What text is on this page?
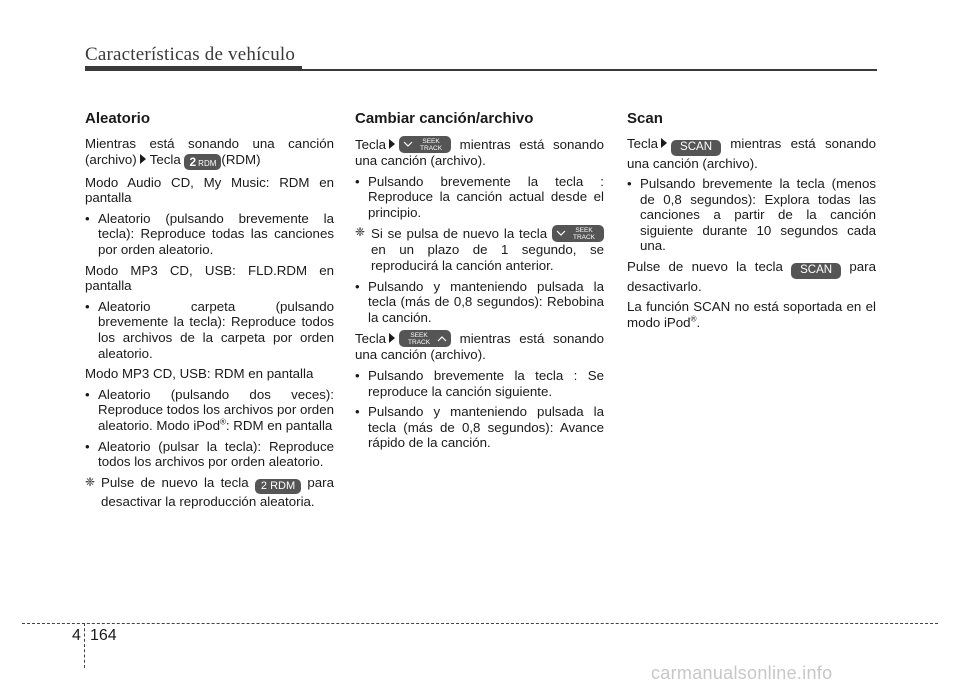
Características de vehículo
Aleatorio

Mientras está sonando una canción (archivo) Tecla 2 RDM (RDM)

Modo Audio CD, My Music: RDM en pantalla

• Aleatorio (pulsando brevemente la tecla): Reproduce todas las canciones por orden aleatorio.

Modo MP3 CD, USB: FLD.RDM en pantalla

• Aleatorio carpeta (pulsando brevemente la tecla): Reproduce todos los archivos de la carpeta por orden aleatorio.

Modo MP3 CD, USB: RDM en pantalla

• Aleatorio (pulsando dos veces): Reproduce todos los archivos por orden aleatorio. Modo iPod®: RDM en pantalla
• Aleatorio (pulsar la tecla): Reproduce todos los archivos por orden aleatorio.
❈ Pulse de nuevo la tecla 2 RDM para desactivar la reproducción aleatoria.
Cambiar canción/archivo

Tecla	SEEK
TRACK	mientras está sonando una canción (archivo).

• Pulsando brevemente la tecla : Reproduce la canción actual desde el principio.
❈ Si se pulsa de nuevo la tecla	SEEK
TRACK
en un plazo de 1 segundo, se reproducirá la canción anterior.
• Pulsando y manteniendo pulsada la tecla (más de 0,8 segundos): Rebobina la canción.

Tecla	SEEK
TRACK	mientras está sonando una canción (archivo).

• Pulsando brevemente la tecla : Se reproduce la canción siguiente.
• Pulsando y manteniendo pulsada la tecla (más de 0,8 segundos): Avance rápido de la canción.
Scan

Tecla SCAN mientras está sonando una canción (archivo).

• Pulsando brevemente la tecla (menos de 0,8 segundos): Explora todas las canciones a partir de la canción siguiente durante 10 segundos cada una.

Pulse de nuevo la tecla SCAN para desactivarlo.

La función SCAN no está soportada en el modo iPod®.

4 164
carmanualsonline.info
